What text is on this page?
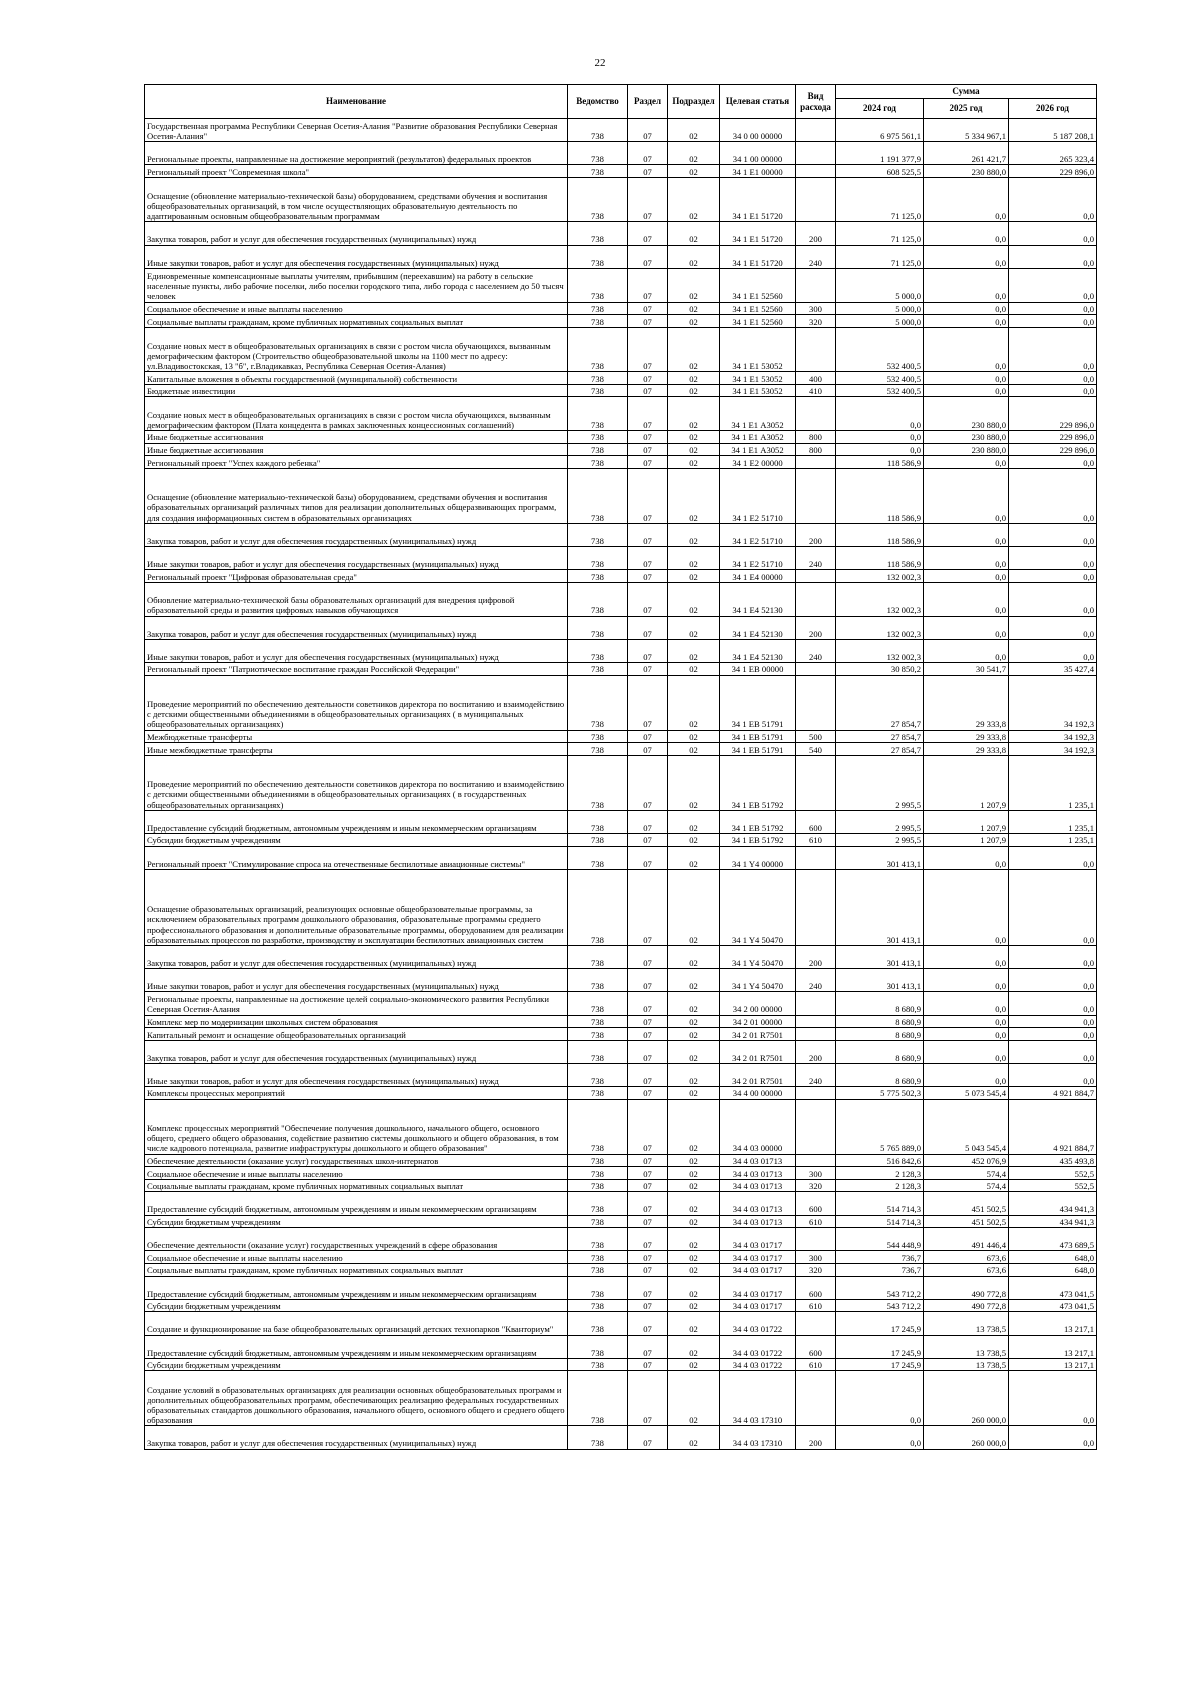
22
Наименование	Ведомство	Раздел	Подраздел	Целевая статья	Вид расхода	Сумма		
						2024 год	2025 год	2026 год
Государственная программа Республики Северная Осетия-Алания "Развитие образования Республики Северная Осетия-Алания"	738	07	02	34 0 00 00000		6 975 561,1	5 334 967,1	5 187 208,1
Региональные проекты, направленные на достижение мероприятий (результатов) федеральных проектов	738	07	02	34 1 00 00000		1 191 377,9	261 421,7	265 323,4
Региональный проект "Современная школа"	738	07	02	34 1 E1 00000		608 525,5	230 880,0	229 896,0
Оснащение (обновление материально-технической базы) оборудованием, средствами обучения и воспитания общеобразовательных организаций, в том числе осуществляющих образовательную деятельность по адаптированным основным общеобразовательным программам	738	07	02	34 1 E1 51720		71 125,0	0,0	0,0
Закупка товаров, работ и услуг для обеспечения государственных (муниципальных) нужд	738	07	02	34 1 E1 51720	200	71 125,0	0,0	0,0
Иные закупки товаров, работ и услуг для обеспечения государственных (муниципальных) нужд	738	07	02	34 1 E1 51720	240	71 125,0	0,0	0,0
Единовременные компенсационные выплаты учителям, прибывшим (переехавшим) на работу в сельские населенные пункты, либо рабочие поселки, либо поселки городского типа, либо города с населением до 50 тысяч человек	738	07	02	34 1 E1 52560		5 000,0	0,0	0,0
Социальное обеспечение и иные выплаты населению	738	07	02	34 1 E1 52560	300	5 000,0	0,0	0,0
Социальные выплаты гражданам, кроме публичных нормативных социальных выплат	738	07	02	34 1 E1 52560	320	5 000,0	0,0	0,0
Создание новых мест в общеобразовательных организациях в связи с ростом числа обучающихся, вызванным демографическим фактором (Строительство общеобразовательной школы на 1100 мест по адресу: ул.Владивостокская, 13 "б", г.Владикавказ, Республика Северная Осетия-Алания)	738	07	02	34 1 E1 53052		532 400,5	0,0	0,0
Капитальные вложения в объекты государственной (муниципальной) собственности	738	07	02	34 1 E1 53052	400	532 400,5	0,0	0,0
Бюджетные инвестиции	738	07	02	34 1 E1 53052	410	532 400,5	0,0	0,0
Создание новых мест в общеобразовательных организациях в связи с ростом числа обучающихся, вызванным демографическим фактором (Плата концедента в рамках заключенных концессионных соглашений)	738	07	02	34 1 E1 А3052		0,0	230 880,0	229 896,0
Иные бюджетные ассигнования	738	07	02	34 1 E1 А3052	800	0,0	230 880,0	229 896,0
Иные бюджетные ассигнования	738	07	02	34 1 E1 А3052	800	0,0	230 880,0	229 896,0
Региональный проект "Успех каждого ребенка"	738	07	02	34 1 E2 00000		118 586,9	0,0	0,0
Оснащение (обновление материально-технической базы) оборудованием, средствами обучения и воспитания образовательных организаций различных типов для реализации дополнительных общеразвивающих программ, для создания информационных систем в образовательных организациях	738	07	02	34 1 E2 51710		118 586,9	0,0	0,0
Закупка товаров, работ и услуг для обеспечения государственных (муниципальных) нужд	738	07	02	34 1 E2 51710	200	118 586,9	0,0	0,0
Иные закупки товаров, работ и услуг для обеспечения государственных (муниципальных) нужд	738	07	02	34 1 E2 51710	240	118 586,9	0,0	0,0
Региональный проект "Цифровая образовательная среда"	738	07	02	34 1 E4 00000		132 002,3	0,0	0,0
Обновление материально-технической базы образовательных организаций для внедрения цифровой образовательной среды и развития цифровых навыков обучающихся	738	07	02	34 1 E4 52130		132 002,3	0,0	0,0
Закупка товаров, работ и услуг для обеспечения государственных (муниципальных) нужд	738	07	02	34 1 E4 52130	200	132 002,3	0,0	0,0
Иные закупки товаров, работ и услуг для обеспечения государственных (муниципальных) нужд	738	07	02	34 1 E4 52130	240	132 002,3	0,0	0,0
Региональный проект "Патриотическое воспитание граждан Российской Федерации"	738	07	02	34 1 EB 00000		30 850,2	30 541,7	35 427,4
Проведение мероприятий по обеспечению деятельности советников директора по воспитанию и взаимодействию с детскими общественными объединениями в общеобразовательных организациях ( в муниципальных общеобразовательных организациях)	738	07	02	34 1 EB 51791		27 854,7	29 333,8	34 192,3
Межбюджетные трансферты	738	07	02	34 1 EB 51791	500	27 854,7	29 333,8	34 192,3
Иные межбюджетные трансферты	738	07	02	34 1 EB 51791	540	27 854,7	29 333,8	34 192,3
Проведение мероприятий по обеспечению деятельности советников директора по воспитанию и взаимодействию с детскими общественными объединениями в общеобразовательных организациях ( в государственных общеобразовательных организациях)	738	07	02	34 1 EB 51792		2 995,5	1 207,9	1 235,1
Предоставление субсидий бюджетным, автономным учреждениям и иным некоммерческим организациям	738	07	02	34 1 EB 51792	600	2 995,5	1 207,9	1 235,1
Субсидии бюджетным учреждениям	738	07	02	34 1 EB 51792	610	2 995,5	1 207,9	1 235,1
Региональный проект "Стимулирование спроса на отечественные беспилотные авиационные системы"	738	07	02	34 1 Y4 00000		301 413,1	0,0	0,0
Оснащение образовательных организаций, реализующих основные общеобразовательные программы, за исключением образовательных программ дошкольного образования, образовательные программы среднего профессионального образования и дополнительные образовательные программы, оборудованием для реализации образовательных процессов по разработке, производству и эксплуатации беспилотных авиационных систем	738	07	02	34 1 Y4 50470		301 413,1	0,0	0,0
Закупка товаров, работ и услуг для обеспечения государственных (муниципальных) нужд	738	07	02	34 1 Y4 50470	200	301 413,1	0,0	0,0
Иные закупки товаров, работ и услуг для обеспечения государственных (муниципальных) нужд	738	07	02	34 1 Y4 50470	240	301 413,1	0,0	0,0
Региональные проекты, направленные на достижение целей социально-экономического развития Республики Северная Осетия-Алания	738	07	02	34 2 00 00000		8 680,9	0,0	0,0
Комплекс мер по модернизации школьных систем образования	738	07	02	34 2 01 00000		8 680,9	0,0	0,0
Капитальный ремонт и оснащение общеобразовательных организаций	738	07	02	34 2 01 R7501		8 680,9	0,0	0,0
Закупка товаров, работ и услуг для обеспечения государственных (муниципальных) нужд	738	07	02	34 2 01 R7501	200	8 680,9	0,0	0,0
Иные закупки товаров, работ и услуг для обеспечения государственных (муниципальных) нужд	738	07	02	34 2 01 R7501	240	8 680,9	0,0	0,0
Комплексы процессных мероприятий	738	07	02	34 4 00 00000		5 775 502,3	5 073 545,4	4 921 884,7
Комплекс процессных мероприятий "Обеспечение получения дошкольного, начального общего, основного общего, среднего общего образования, содействие развитию системы дошкольного и общего образования, в том числе кадрового потенциала, развитие инфраструктуры дошкольного и общего образования"	738	07	02	34 4 03 00000		5 765 889,0	5 043 545,4	4 921 884,7
Обеспечение деятельности (оказание услуг) государственных школ-интернатов	738	07	02	34 4 03 01713		516 842,6	452 076,9	435 493,8
Социальное обеспечение и иные выплаты населению	738	07	02	34 4 03 01713	300	2 128,3	574,4	552,5
Социальные выплаты гражданам, кроме публичных нормативных социальных выплат	738	07	02	34 4 03 01713	320	2 128,3	574,4	552,5
Предоставление субсидий бюджетным, автономным учреждениям и иным некоммерческим организациям	738	07	02	34 4 03 01713	600	514 714,3	451 502,5	434 941,3
Субсидии бюджетным учреждениям	738	07	02	34 4 03 01713	610	514 714,3	451 502,5	434 941,3
Обеспечение деятельности (оказание услуг) государственных учреждений в сфере образования	738	07	02	34 4 03 01717		544 448,9	491 446,4	473 689,5
Социальное обеспечение и иные выплаты населению	738	07	02	34 4 03 01717	300	736,7	673,6	648,0
Социальные выплаты гражданам, кроме публичных нормативных социальных выплат	738	07	02	34 4 03 01717	320	736,7	673,6	648,0
Предоставление субсидий бюджетным, автономным учреждениям и иным некоммерческим организациям	738	07	02	34 4 03 01717	600	543 712,2	490 772,8	473 041,5
Субсидии бюджетным учреждениям	738	07	02	34 4 03 01717	610	543 712,2	490 772,8	473 041,5
Создание и функционирование на базе общеобразовательных организаций детских технопарков "Кванториум"	738	07	02	34 4 03 01722		17 245,9	13 738,5	13 217,1
Предоставление субсидий бюджетным, автономным учреждениям и иным некоммерческим организациям	738	07	02	34 4 03 01722	600	17 245,9	13 738,5	13 217,1
Субсидии бюджетным учреждениям	738	07	02	34 4 03 01722	610	17 245,9	13 738,5	13 217,1
Создание условий в образовательных организациях для реализации основных общеобразовательных программ и дополнительных общеобразовательных программ, обеспечивающих реализацию федеральных государственных образовательных стандартов дошкольного образования, начального общего, основного общего и среднего общего образования	738	07	02	34 4 03 17310		0,0	260 000,0	0,0
Закупка товаров, работ и услуг для обеспечения государственных (муниципальных) нужд	738	07	02	34 4 03 17310	200	0,0	260 000,0	0,0
